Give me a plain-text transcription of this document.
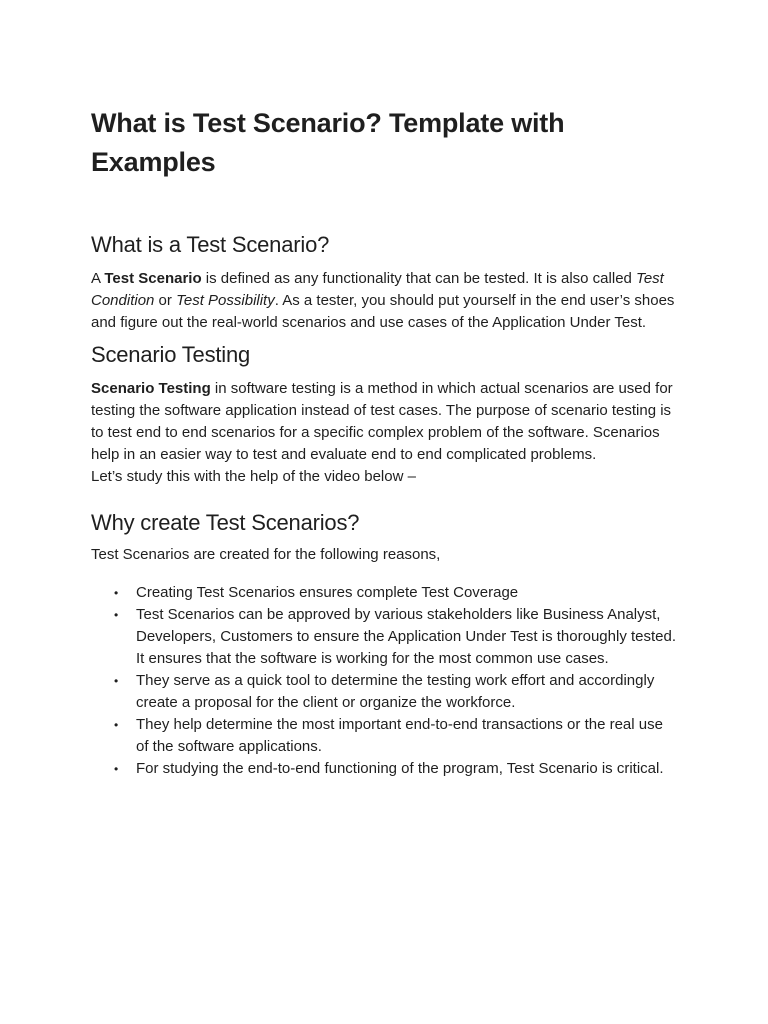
What is Test Scenario? Template with Examples
What is a Test Scenario?

A Test Scenario is defined as any functionality that can be tested. It is also called Test Condition or Test Possibility. As a tester, you should put yourself in the end user’s shoes and figure out the real-world scenarios and use cases of the Application Under Test.

Scenario Testing

Scenario Testing in software testing is a method in which actual scenarios are used for testing the software application instead of test cases. The purpose of scenario testing is to test end to end scenarios for a specific complex problem of the software. Scenarios help in an easier way to test and evaluate end to end complicated problems.
Let’s study this with the help of the video below –

Why create Test Scenarios?

Test Scenarios are created for the following reasons,

• Creating Test Scenarios ensures complete Test Coverage
• Test Scenarios can be approved by various stakeholders like Business Analyst, Developers, Customers to ensure the Application Under Test is thoroughly tested. It ensures that the software is working for the most common use cases.
• They serve as a quick tool to determine the testing work effort and accordingly create a proposal for the client or organize the workforce.
• They help determine the most important end-to-end transactions or the real use of the software applications.
• For studying the end-to-end functioning of the program, Test Scenario is critical.
